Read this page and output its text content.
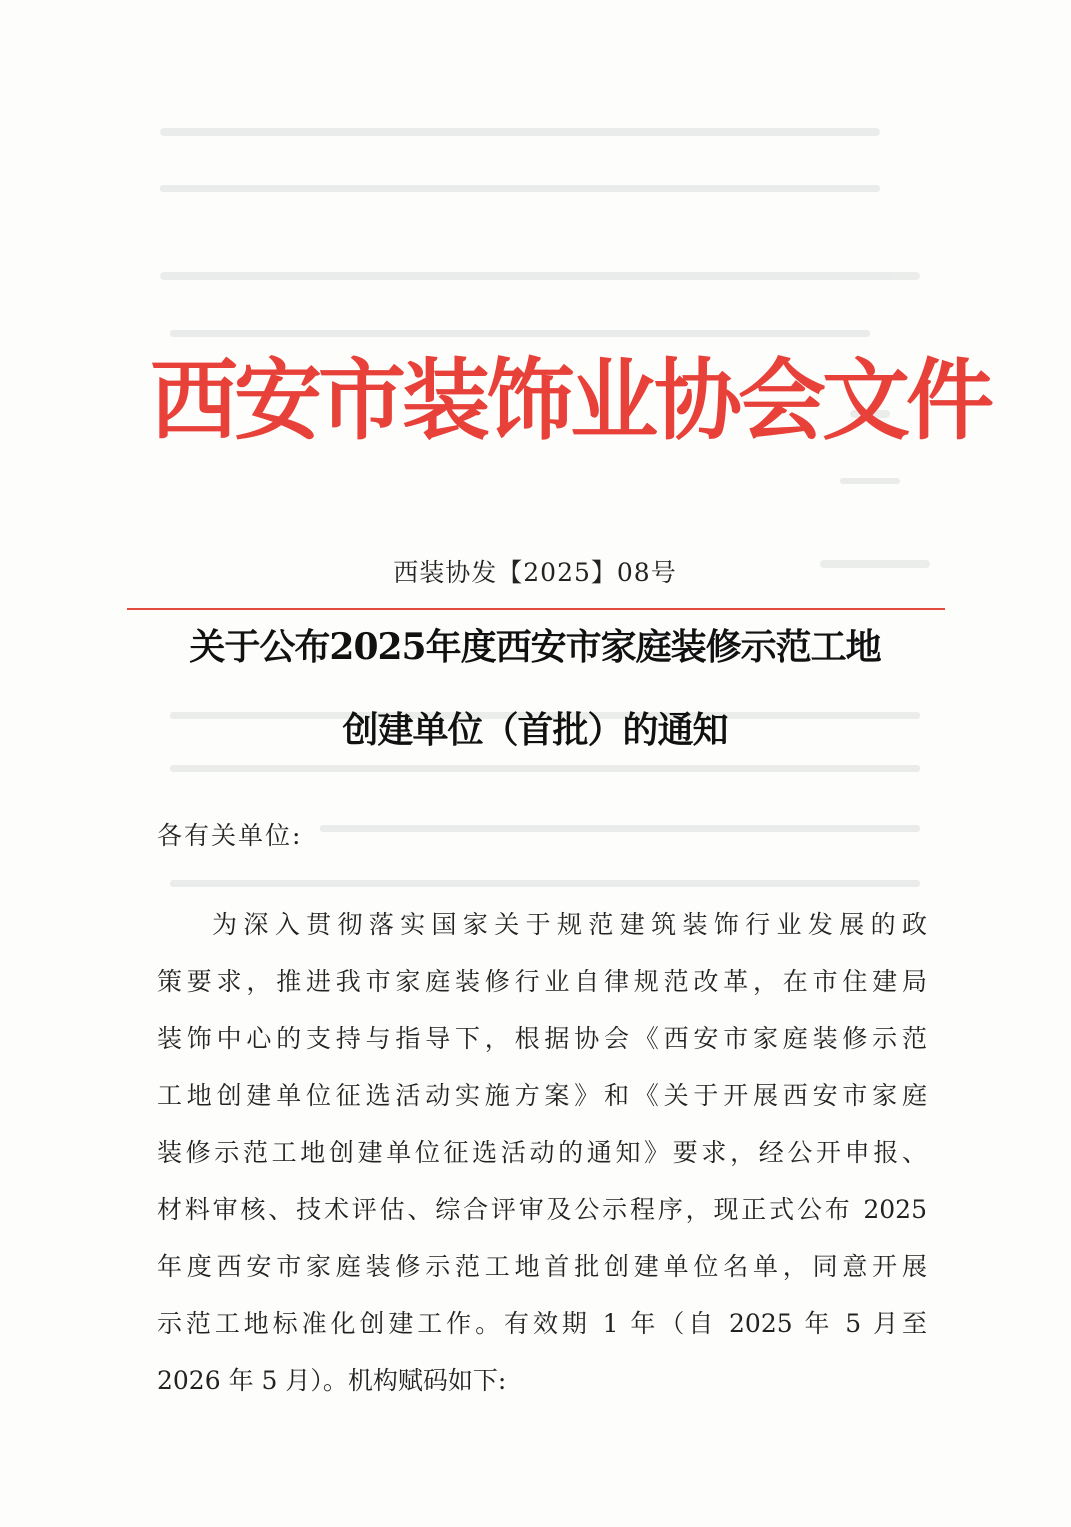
西安市装饰业协会文件
西装协发【2025】08号
关于公布2025年度西安市家庭装修示范工地
创建单位（首批）的通知
各有关单位:
为深入贯彻落实国家关于规范建筑装饰行业发展的政
策要求，推进我市家庭装修行业自律规范改革，在市住建局
装饰中心的支持与指导下，根据协会《西安市家庭装修示范
工地创建单位征选活动实施方案》和《关于开展西安市家庭
装修示范工地创建单位征选活动的通知》要求，经公开申报、
材料审核、技术评估、综合评审及公示程序，现正式公布 2025
年度西安市家庭装修示范工地首批创建单位名单，同意开展
示范工地标准化创建工作。有效期 1 年（自 2025 年 5 月至
2026 年 5 月）。机构赋码如下:
